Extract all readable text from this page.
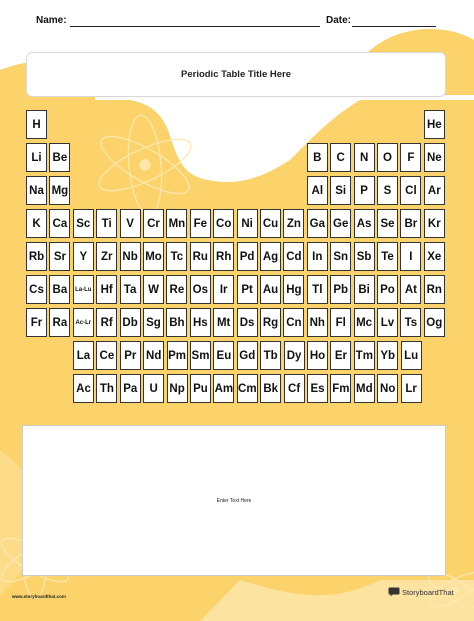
Name:	Date:
Periodic Table Title Here
H	He
Li Be	B	C	N	O	F	Ne
Na Mg	Al	Si	P	S	Cl Ar
K	Ca Sc Ti	V	Cr Mn Fe Co Ni Cu Zn Ga Ge As Se Br Kr
Rb Sr	Y	Zr Nb Mo Tc Ru Rh Pd Ag Cd In Sn Sb Te	I	Xe
Cs Ba	La-Lu Hf Ta	W Re Os	Ir	Pt Au Hg Tl Pb Bi Po At Rn
Fr Ra	Ac-Lr Rf Db Sg Bh Hs Mt Ds Rg Cn Nh Fl Mc Lv Ts Og
La Ce Pr Nd Pm Sm Eu Gd Tb Dy Ho Er Tm Yb Lu
Ac Th Pa	U	Np Pu Am Cm Bk Cf Es Fm Md No Lr
Enter Text Here
www.storyboardthat.com	StoryboardThat
